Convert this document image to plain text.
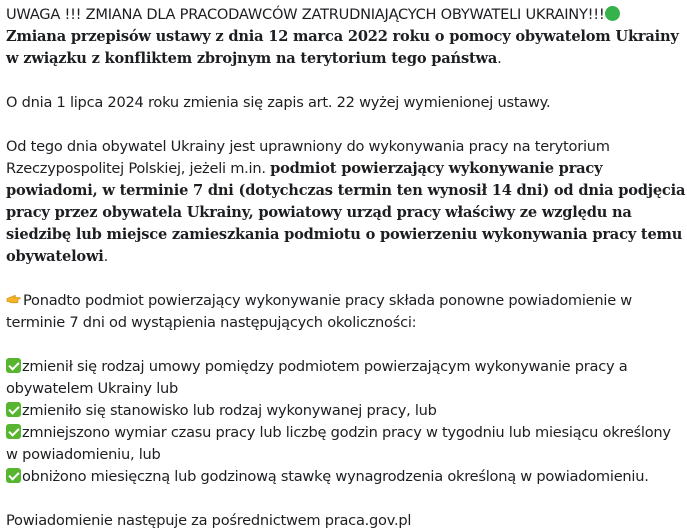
UWAGA !!! ZMIANA DLA PRACODAWCÓW ZATRUDNIAJĄCYCH OBYWATELI UKRAINY!!!

Zmiana przepisów ustawy z dnia 12 marca 2022 roku o pomocy obywatelom Ukrainy w związku z konfliktem zbrojnym na terytorium tego państwa.

O dnia 1 lipca 2024 roku zmienia się zapis art. 22 wyżej wymienionej ustawy.

Od tego dnia obywatel Ukrainy jest uprawniony do wykonywania pracy na terytorium Rzeczypospolitej Polskiej, jeżeli m.in. podmiot powierzający wykonywanie pracy powiadomi, w terminie 7 dni (dotychczas termin ten wynosił 14 dni) od dnia podjęcia pracy przez obywatela Ukrainy, powiatowy urząd pracy właściwy ze względu na siedzibę lub miejsce zamieszkania podmiotu o powierzeniu wykonywania pracy temu obywatelowi.

Ponadto podmiot powierzający wykonywanie pracy składa ponowne powiadomienie w terminie 7 dni od wystąpienia następujących okoliczności:

zmienił się rodzaj umowy pomiędzy podmiotem powierzającym wykonywanie pracy a obywatelem Ukrainy lub

zmieniło się stanowisko lub rodzaj wykonywanej pracy, lub

zmniejszono wymiar czasu pracy lub liczbę godzin pracy w tygodniu lub miesiącu określony w powiadomieniu, lub

obniżono miesięczną lub godzinową stawkę wynagrodzenia określoną w powiadomieniu.

Powiadomienie następuje za pośrednictwem praca.gov.pl
